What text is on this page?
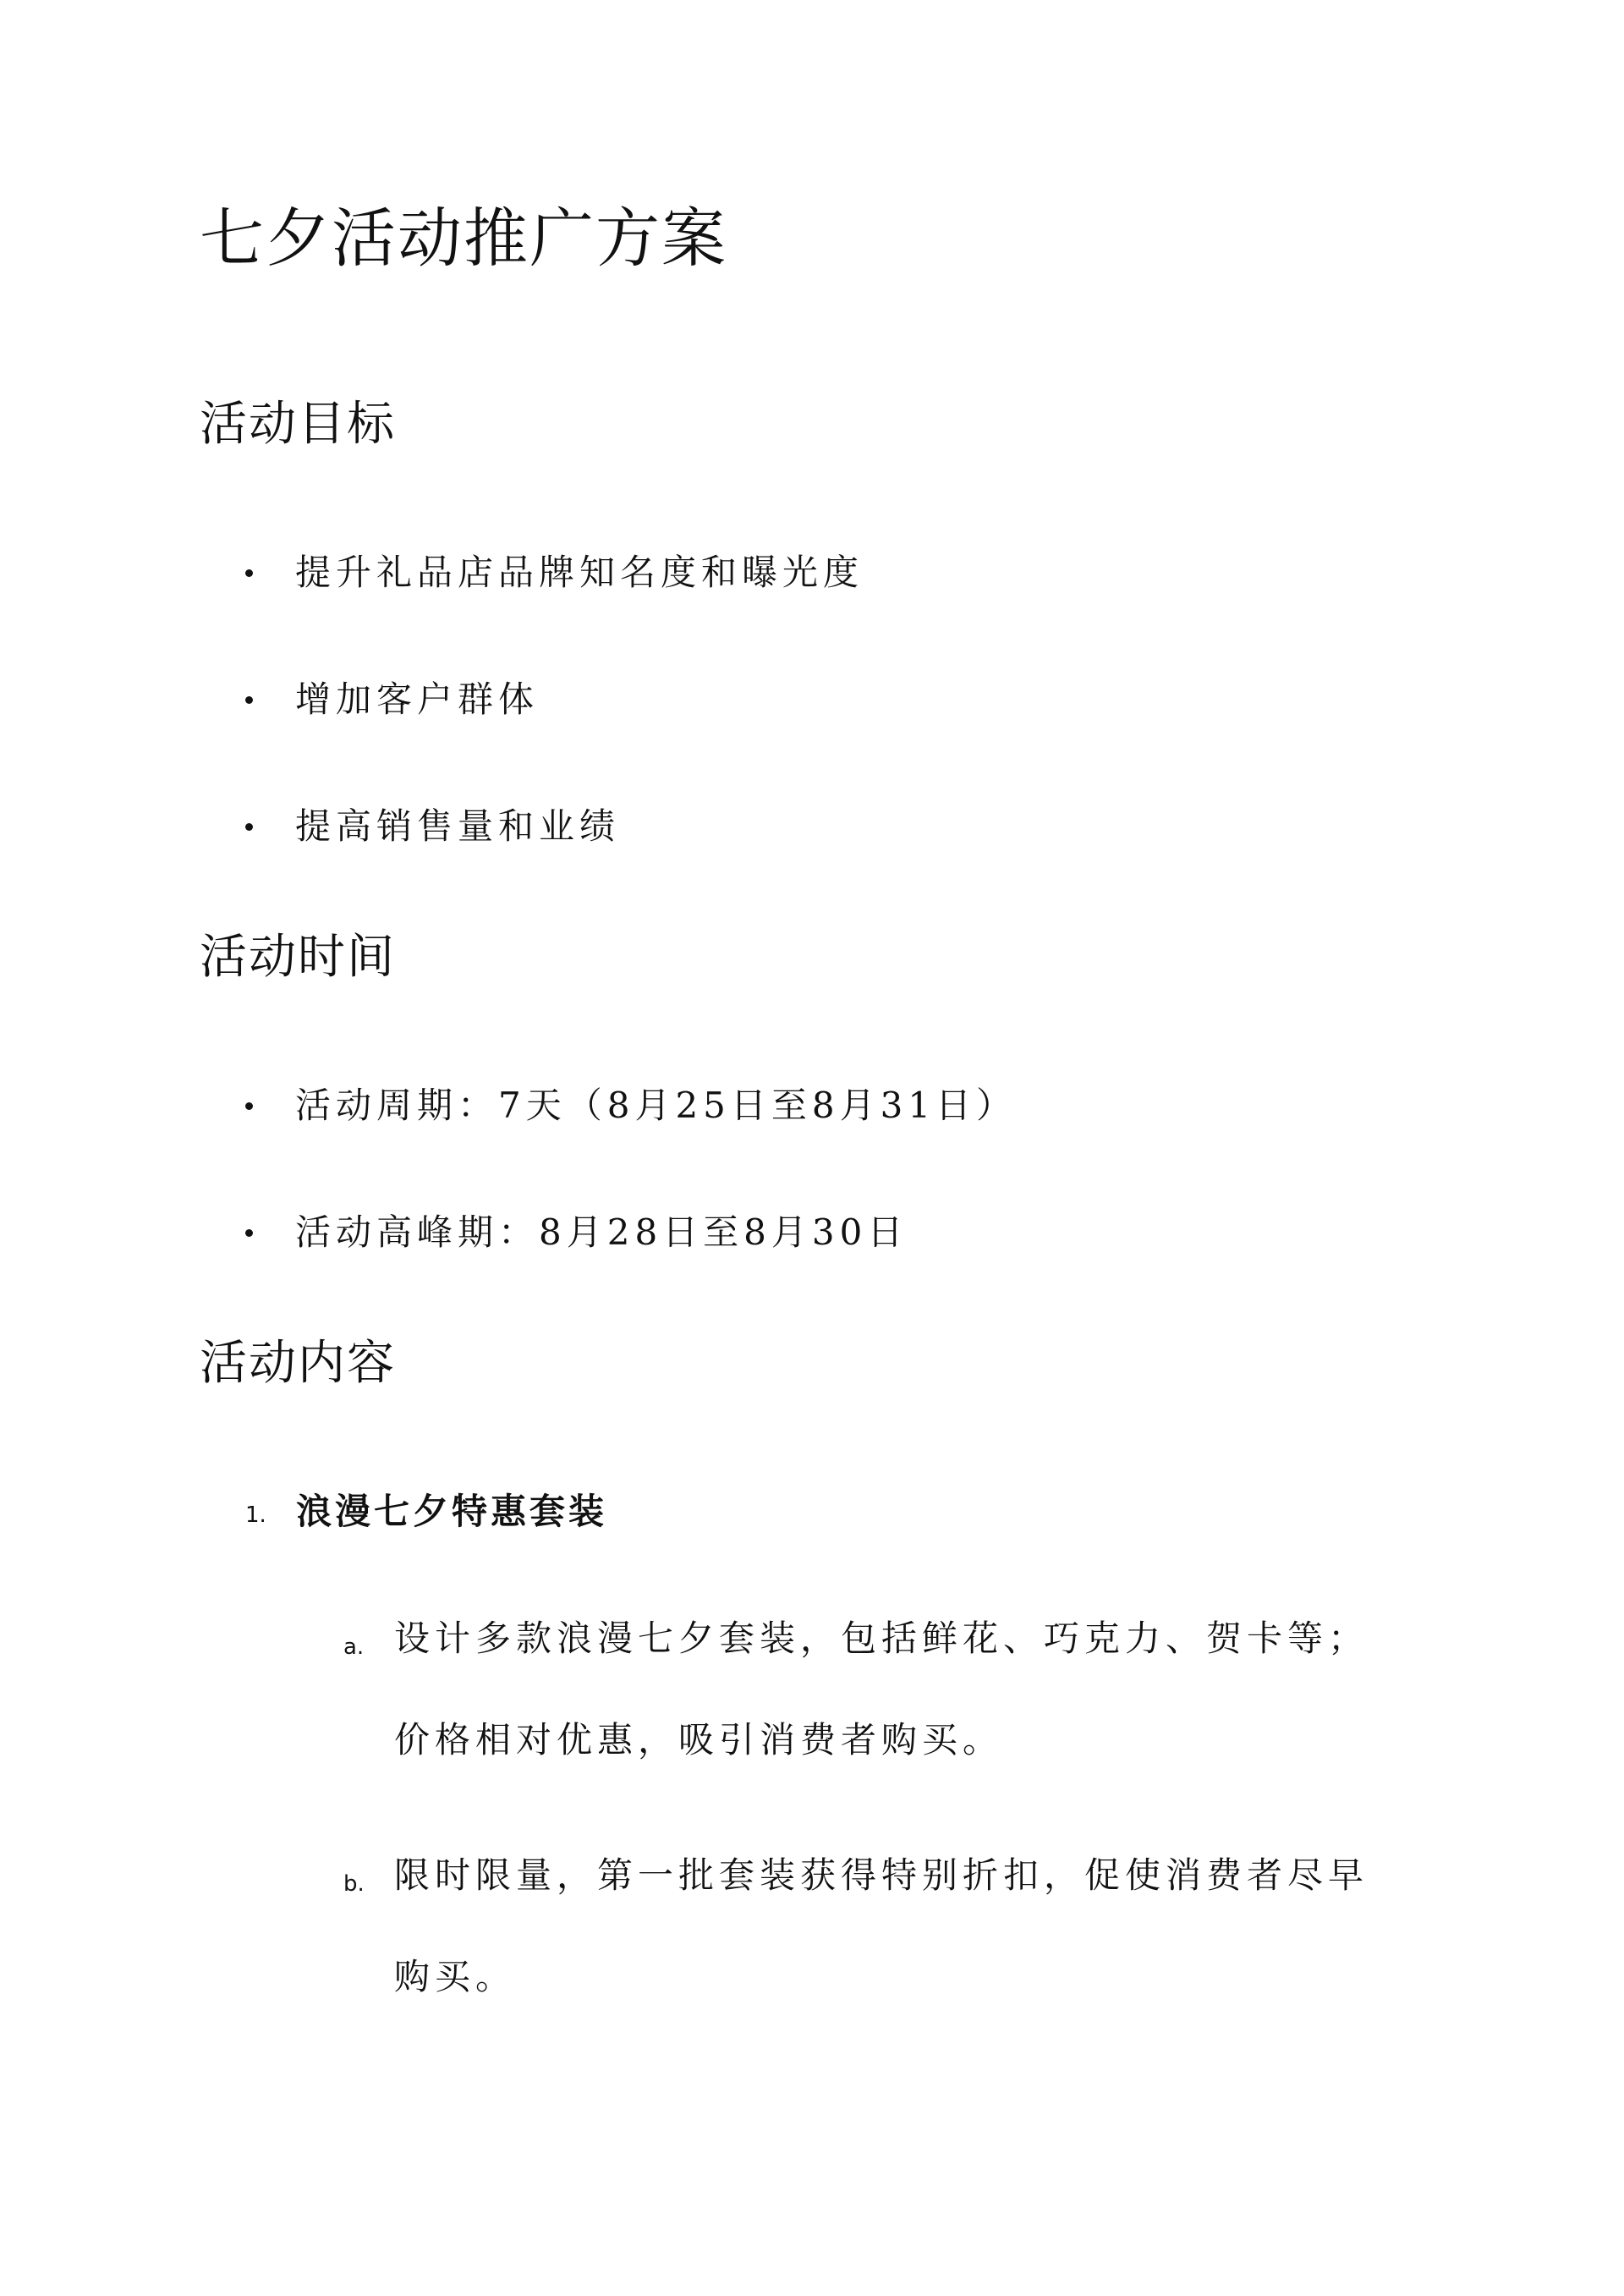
七夕活动推广方案
活动目标
提升礼品店品牌知名度和曝光度
增加客户群体
提高销售量和业绩
活动时间
活动周期：7天（8月25日至8月31日）
活动高峰期：8月28日至8月30日
活动内容
1. 浪漫七夕特惠套装
a. 设计多款浪漫七夕套装，包括鲜花、巧克力、贺卡等；
价格相对优惠，吸引消费者购买。
b. 限时限量，第一批套装获得特别折扣，促使消费者尽早
购买。
